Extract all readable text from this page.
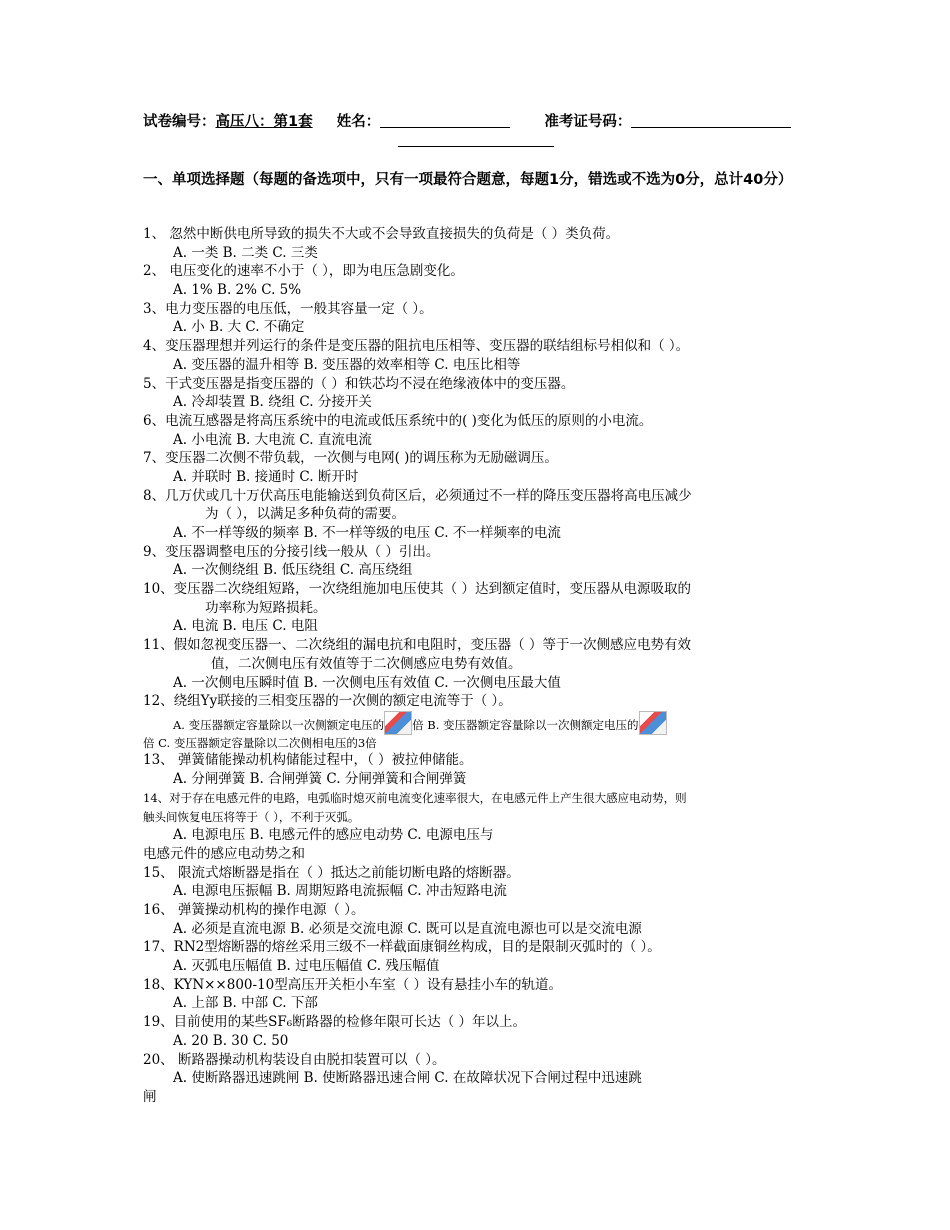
试卷编号：高压八：第1套 姓名：	准考证号码：
一、单项选择题（每题的备选项中，只有一项最符合题意，每题1分，错选或不选为0分，总计40分）
1、 忽然中断供电所导致的损失不大或不会导致直接损失的负荷是（ ）类负荷。
A. 一类 B. 二类 C. 三类
2、 电压变化的速率不小于（ ），即为电压急剧变化。
A. 1% B. 2% C. 5%
3、电力变压器的电压低，一般其容量一定（ ）。
A. 小 B. 大 C. 不确定
4、变压器理想并列运行的条件是变压器的阻抗电压相等、变压器的联结组标号相似和（ ）。
A. 变压器的温升相等 B. 变压器的效率相等 C. 电压比相等
5、干式变压器是指变压器的（ ）和铁芯均不浸在绝缘液体中的变压器。
A. 冷却装置 B. 绕组 C. 分接开关
6、电流互感器是将高压系统中的电流或低压系统中的( )变化为低压的原则的小电流。
A. 小电流 B. 大电流 C. 直流电流
7、变压器二次侧不带负载，一次侧与电网( )的调压称为无励磁调压。
A. 并联时 B. 接通时 C. 断开时
8、几万伏或几十万伏高压电能输送到负荷区后，必须通过不一样的降压变压器将高电压减少
为（ ），以满足多种负荷的需要。
A. 不一样等级的频率 B. 不一样等级的电压 C. 不一样频率的电流
9、变压器调整电压的分接引线一般从（ ）引出。
A. 一次侧绕组 B. 低压绕组 C. 高压绕组
10、变压器二次绕组短路，一次绕组施加电压使其（ ）达到额定值时，变压器从电源吸取的
功率称为短路损耗。
A. 电流 B. 电压 C. 电阻
11、假如忽视变压器一、二次绕组的漏电抗和电阻时，变压器（ ）等于一次侧感应电势有效
值，二次侧电压有效值等于二次侧感应电势有效值。
A. 一次侧电压瞬时值 B. 一次侧电压有效值 C. 一次侧电压最大值
12、绕组Yy联接的三相变压器的一次侧的额定电流等于（ ）。
A. 变压器额定容量除以一次侧额定电压的 倍 B. 变压器额定容量除以一次侧额定电压的
倍 C. 变压器额定容量除以二次侧相电压的3倍
13、 弹簧储能操动机构储能过程中，（ ）被拉伸储能。
A. 分闸弹簧 B. 合闸弹簧 C. 分闸弹簧和合闸弹簧
14、对于存在电感元件的电路，电弧临时熄灭前电流变化速率很大，在电感元件上产生很大感应电动势，则
触头间恢复电压将等于（ ），不利于灭弧。
A. 电源电压 B. 电感元件的感应电动势 C. 电源电压与
电感元件的感应电动势之和
15、 限流式熔断器是指在（ ）抵达之前能切断电路的熔断器。
A. 电源电压振幅 B. 周期短路电流振幅 C. 冲击短路电流
16、 弹簧操动机构的操作电源（ ）。
A. 必须是直流电源 B. 必须是交流电源 C. 既可以是直流电源也可以是交流电源
17、RN2型熔断器的熔丝采用三级不一样截面康铜丝构成，目的是限制灭弧时的（ ）。
A. 灭弧电压幅值 B. 过电压幅值 C. 残压幅值
18、KYN××800-10型高压开关柜小车室（ ）设有悬挂小车的轨道。
A. 上部 B. 中部 C. 下部
19、目前使用的某些SF₆断路器的检修年限可长达（ ）年以上。
A. 20 B. 30 C. 50
20、 断路器操动机构装设自由脱扣装置可以（ ）。
A. 使断路器迅速跳闸 B. 使断路器迅速合闸 C. 在故障状况下合闸过程中迅速跳
闸
